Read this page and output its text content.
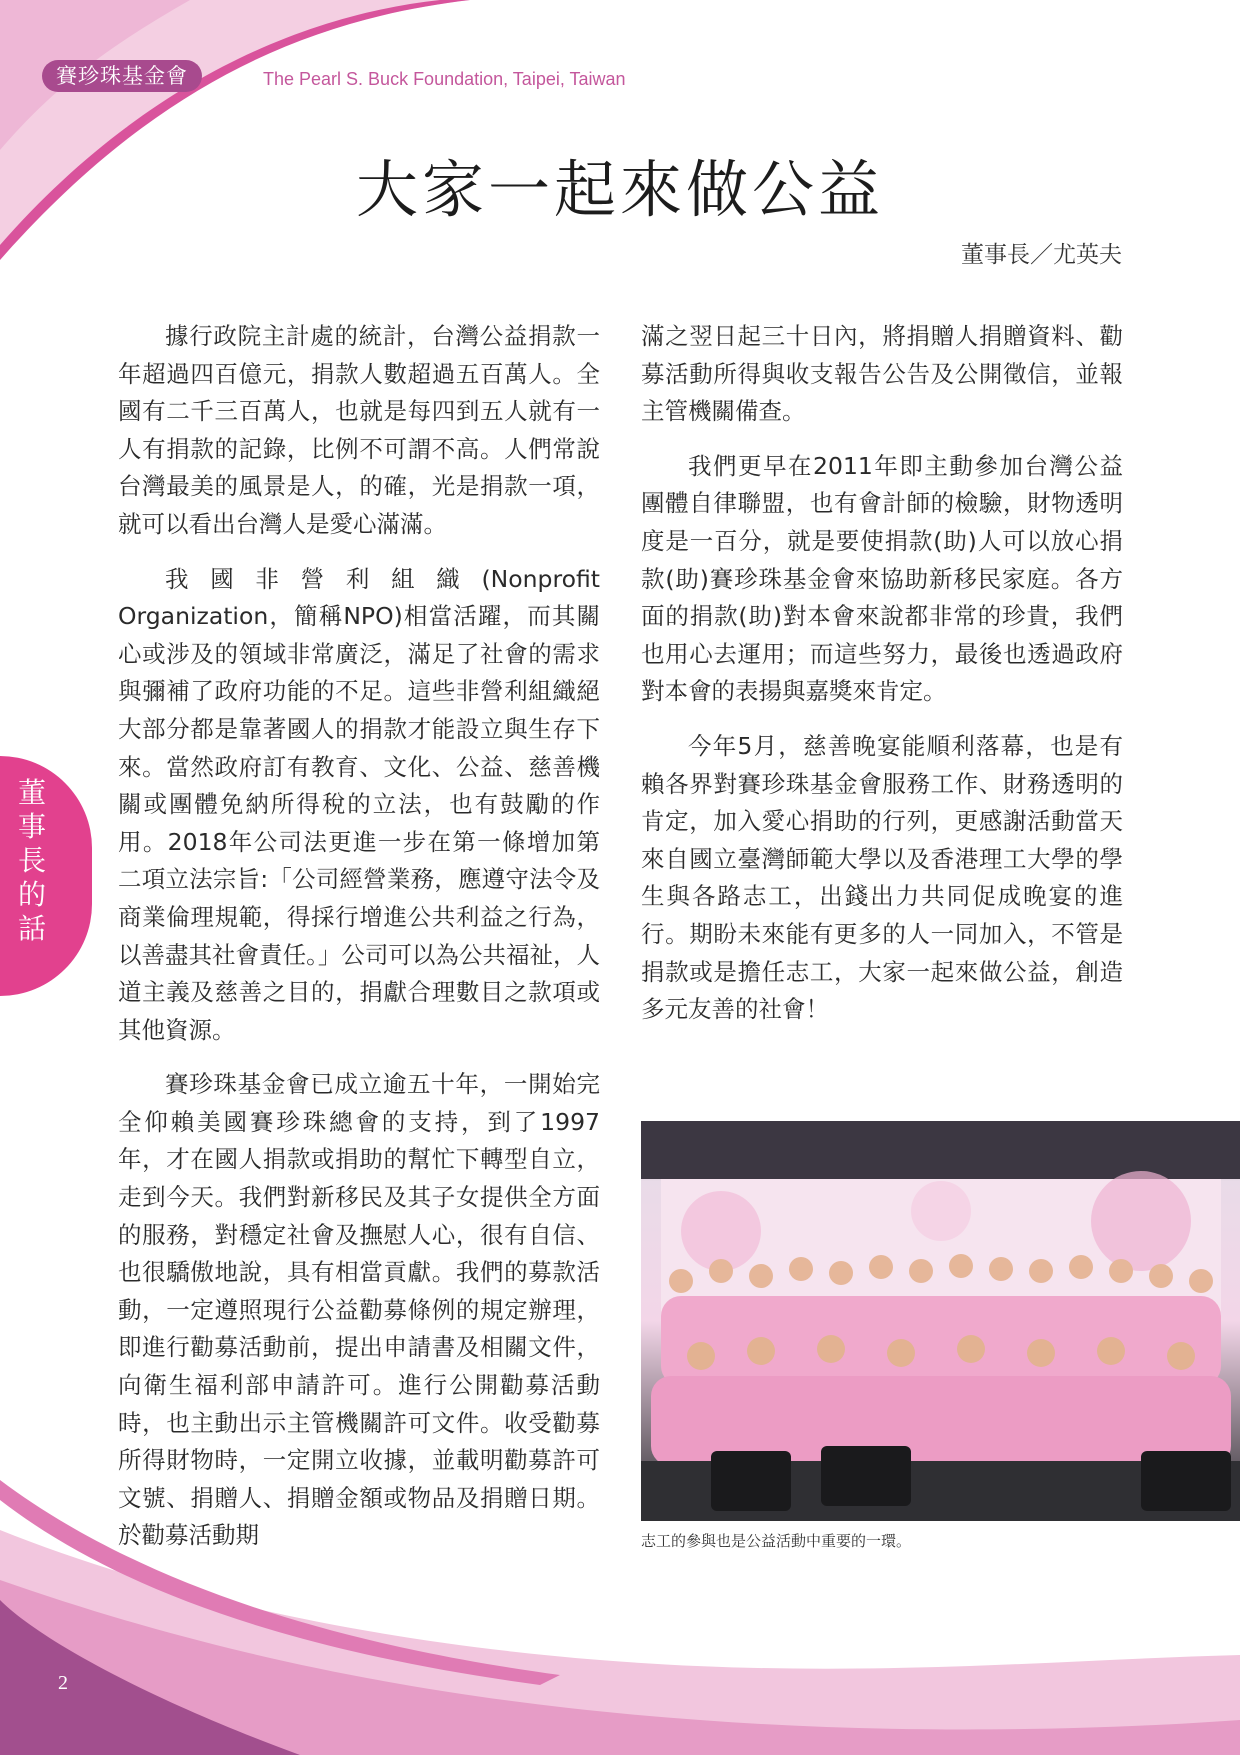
賽珍珠基金會	The Pearl S. Buck Foundation, Taipei, Taiwan
大家一起來做公益
董事長／尤英夫

據行政院主計處的統計，台灣公益捐款一年超過四百億元，捐款人數超過五百萬人。全國有二千三百萬人，也就是每四到五人就有一人有捐款的記錄，比例不可謂不高。人們常說台灣最美的風景是人，的確，光是捐款一項，就可以看出台灣人是愛心滿滿。

我國非營利組織(Nonprofit Organization，簡稱NPO)相當活躍，而其關心或涉及的領域非常廣泛，滿足了社會的需求與彌補了政府功能的不足。這些非營利組織絕大部分都是靠著國人的捐款才能設立與生存下來。當然政府訂有教育、文化、公益、慈善機關或團體免納所得稅的立法，也有鼓勵的作用。2018年公司法更進一步在第一條增加第二項立法宗旨:「公司經營業務，應遵守法令及商業倫理規範，得採行增進公共利益之行為，以善盡其社會責任。」公司可以為公共福祉，人道主義及慈善之目的，捐獻合理數目之款項或其他資源。

賽珍珠基金會已成立逾五十年，一開始完全仰賴美國賽珍珠總會的支持，到了1997年，才在國人捐款或捐助的幫忙下轉型自立，走到今天。我們對新移民及其子女提供全方面的服務，對穩定社會及撫慰人心，很有自信、也很驕傲地說，具有相當貢獻。我們的募款活動，一定遵照現行公益勸募條例的規定辦理，即進行勸募活動前，提出申請書及相關文件，向衛生福利部申請許可。進行公開勸募活動時，也主動出示主管機關許可文件。收受勸募所得財物時，一定開立收據，並載明勸募許可文號、捐贈人、捐贈金額或物品及捐贈日期。於勸募活動期

滿之翌日起三十日內，將捐贈人捐贈資料、勸募活動所得與收支報告公告及公開徵信，並報主管機關備查。

我們更早在2011年即主動參加台灣公益團體自律聯盟，也有會計師的檢驗，財物透明度是一百分，就是要使捐款(助)人可以放心捐款(助)賽珍珠基金會來協助新移民家庭。各方面的捐款(助)對本會來說都非常的珍貴，我們也用心去運用；而這些努力，最後也透過政府對本會的表揚與嘉獎來肯定。

今年5月，慈善晚宴能順利落幕，也是有賴各界對賽珍珠基金會服務工作、財務透明的肯定，加入愛心捐助的行列，更感謝活動當天來自國立臺灣師範大學以及香港理工大學的學生與各路志工，出錢出力共同促成晚宴的進行。期盼未來能有更多的人一同加入，不管是捐款或是擔任志工，大家一起來做公益，創造多元友善的社會！

董事長的話
志工的參與也是公益活動中重要的一環。
2
